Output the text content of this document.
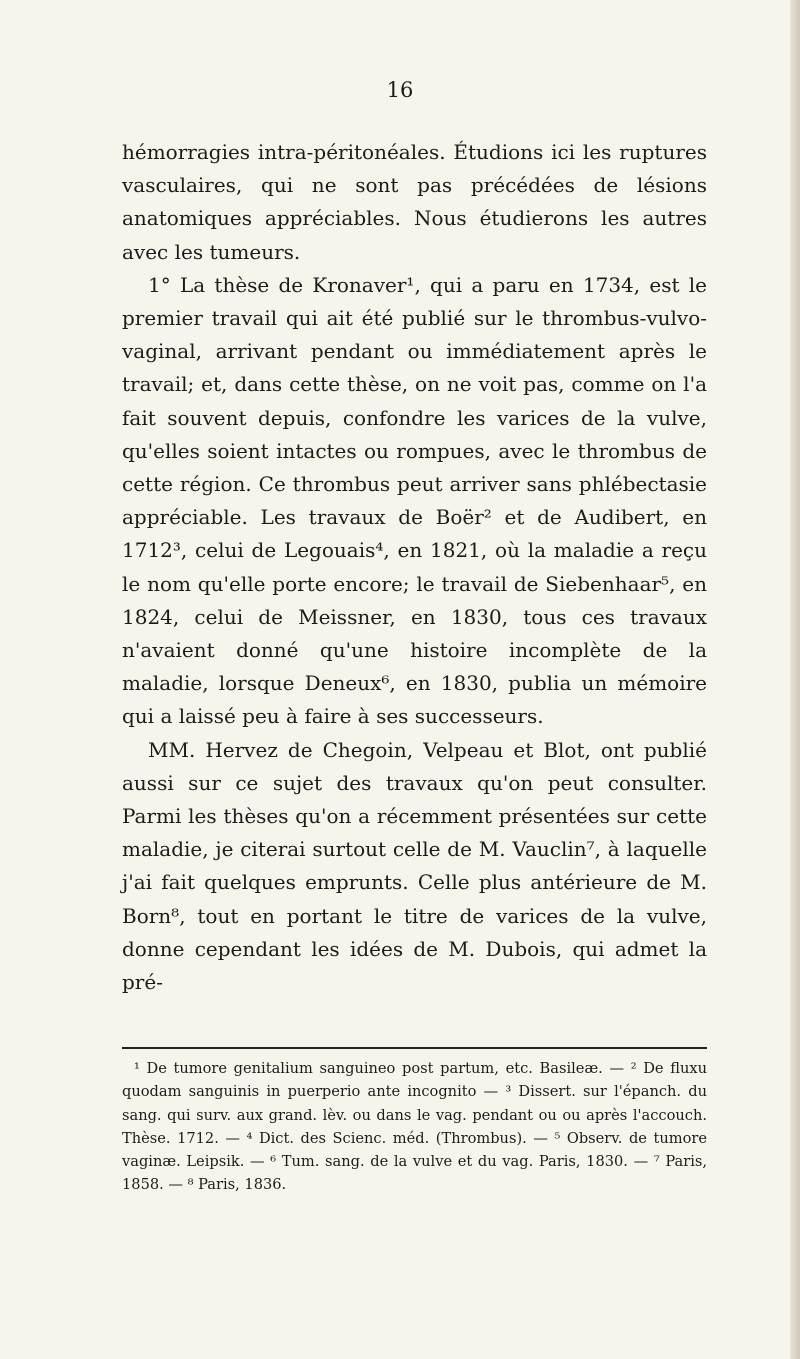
16

hémorragies intra-péritonéales. Étudions ici les ruptures vasculaires, qui ne sont pas précédées de lésions anatomiques appréciables. Nous étudierons les autres avec les tumeurs.

1° La thèse de Kronaver¹, qui a paru en 1734, est le premier travail qui ait été publié sur le thrombus-vulvo-vaginal, arrivant pendant ou immédiatement après le travail; et, dans cette thèse, on ne voit pas, comme on l'a fait souvent depuis, confondre les varices de la vulve, qu'elles soient intactes ou rompues, avec le thrombus de cette région. Ce thrombus peut arriver sans phlébectasie appréciable. Les travaux de Boër² et de Audibert, en 1712³, celui de Legouais⁴, en 1821, où la maladie a reçu le nom qu'elle porte encore; le travail de Siebenhaar⁵, en 1824, celui de Meissner, en 1830, tous ces travaux n'avaient donné qu'une histoire incomplète de la maladie, lorsque Deneux⁶, en 1830, publia un mémoire qui a laissé peu à faire à ses successeurs.

MM. Hervez de Chegoin, Velpeau et Blot, ont publié aussi sur ce sujet des travaux qu'on peut consulter. Parmi les thèses qu'on a récemment présentées sur cette maladie, je citerai surtout celle de M. Vauclin⁷, à laquelle j'ai fait quelques emprunts. Celle plus antérieure de M. Born⁸, tout en portant le titre de varices de la vulve, donne cependant les idées de M. Dubois, qui admet la pré-

¹ De tumore genitalium sanguineo post partum, etc. Basileæ. — ² De fluxu quodam sanguinis in puerperio ante incognito — ³ Dissert. sur l'épanch. du sang. qui surv. aux grand. lèv. ou dans le vag. pendant ou ou après l'accouch. Thèse. 1712. — ⁴ Dict. des Scienc. méd. (Thrombus). — ⁵ Observ. de tumore vaginæ. Leipsik. — ⁶ Tum. sang. de la vulve et du vag. Paris, 1830. — ⁷ Paris, 1858. — ⁸ Paris, 1836.
